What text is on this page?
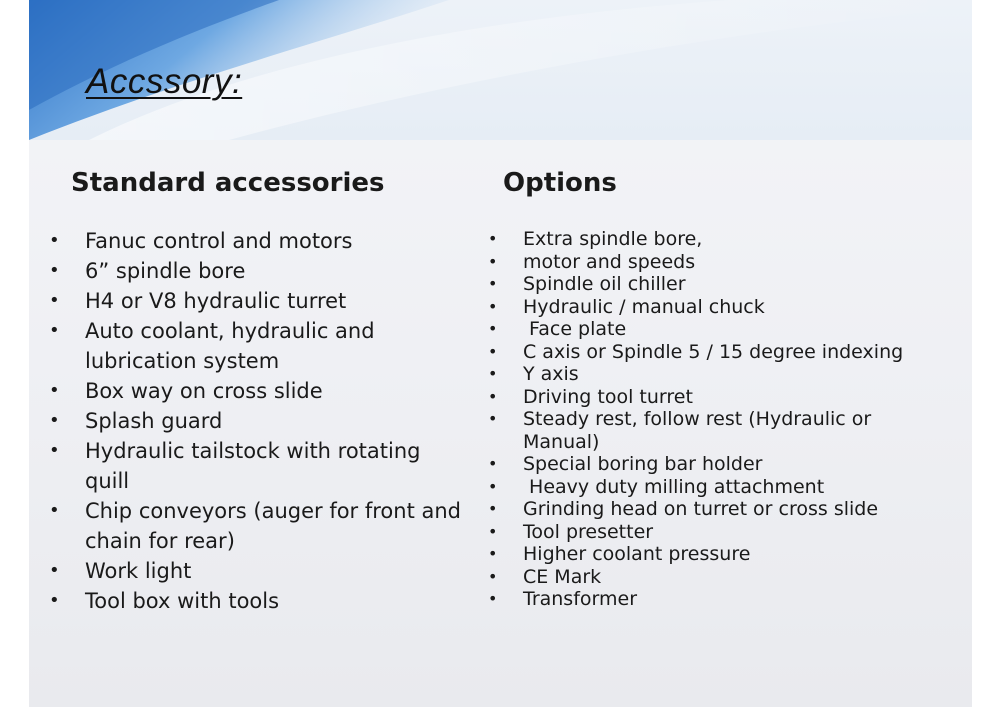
Accssory:
Standard accessories	Options
• Fanuc control and motors
• 6” spindle bore
• H4 or V8 hydraulic turret
• Auto coolant, hydraulic and lubrication system
• Box way on cross slide
• Splash guard
• Hydraulic tailstock with rotating quill
• Chip conveyors (auger for front and chain for rear)
• Work light
• Tool box with tools
• Extra spindle bore,
• motor and speeds
• Spindle oil chiller
• Hydraulic / manual chuck
• Face plate
• C axis or Spindle 5 / 15 degree indexing
• Y axis
• Driving tool turret
• Steady rest, follow rest (Hydraulic or Manual)
• Special boring bar holder
• Heavy duty milling attachment
• Grinding head on turret or cross slide
• Tool presetter
• Higher coolant pressure
• CE Mark
• Transformer
